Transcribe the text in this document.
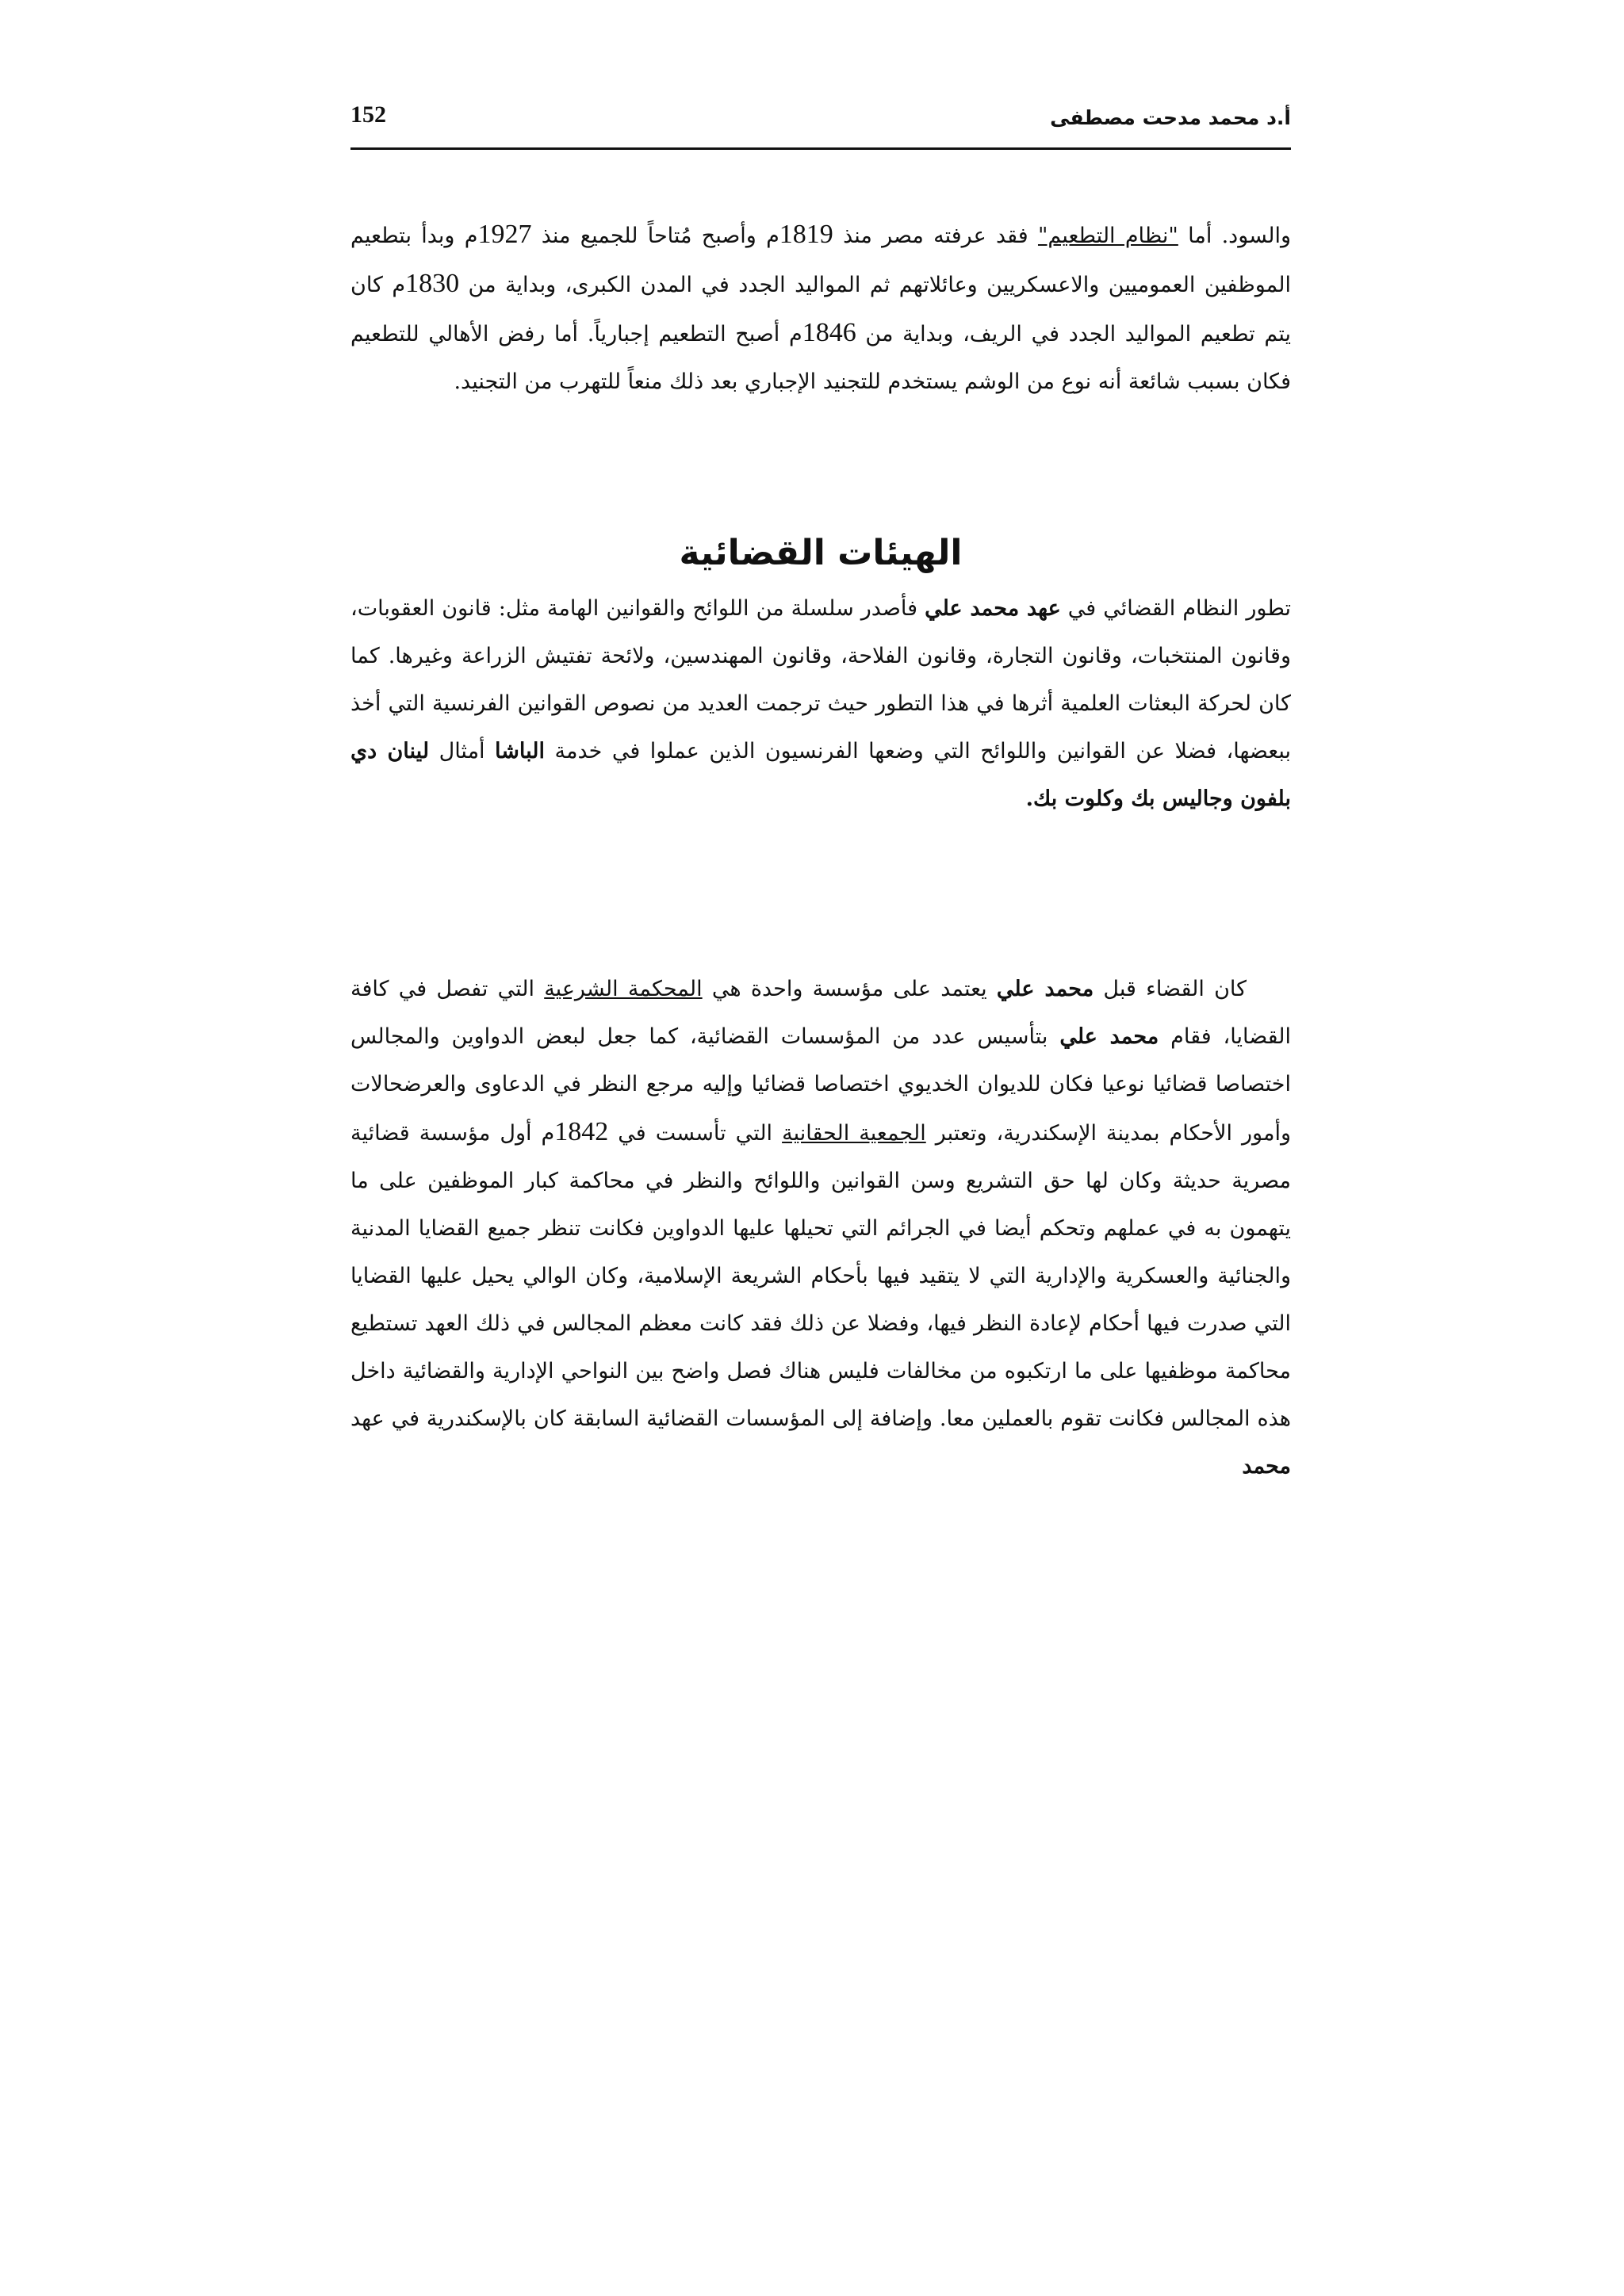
أ.د محمد مدحت مصطفى
152

والسود. أما "نظام التطعيم" فقد عرفته مصر منذ 1819م وأصبح مُتاحاً للجميع منذ 1927م وبدأ بتطعيم الموظفين العموميين والاعسكريين وعائلاتهم ثم المواليد الجدد في المدن الكبرى، وبداية من 1830م كان يتم تطعيم المواليد الجدد في الريف، وبداية من 1846م أصبح التطعيم إجبارياً. أما رفض الأهالي للتطعيم فكان بسبب شائعة أنه نوع من الوشم يستخدم للتجنيد الإجباري بعد ذلك منعاً للتهرب من التجنيد.

الهيئات القضائية

تطور النظام القضائي في عهد محمد علي فأصدر سلسلة من اللوائح والقوانين الهامة مثل: قانون العقوبات، وقانون المنتخبات، وقانون التجارة، وقانون الفلاحة، وقانون المهندسين، ولائحة تفتيش الزراعة وغيرها. كما كان لحركة البعثات العلمية أثرها في هذا التطور حيث ترجمت العديد من نصوص القوانين الفرنسية التي أخذ ببعضها، فضلا عن القوانين واللوائح التي وضعها الفرنسيون الذين عملوا في خدمة الباشا أمثال لينان دي بلفون وجاليس بك وكلوت بك.

كان القضاء قبل محمد علي يعتمد على مؤسسة واحدة هي المحكمة الشرعية التي تفصل في كافة القضايا، فقام محمد علي بتأسيس عدد من المؤسسات القضائية، كما جعل لبعض الدواوين والمجالس اختصاصا قضائيا نوعيا فكان للديوان الخديوي اختصاصا قضائيا وإليه مرجع النظر في الدعاوى والعرضحالات وأمور الأحكام بمدينة الإسكندرية، وتعتبر الجمعية الحقانية التي تأسست في 1842م أول مؤسسة قضائية مصرية حديثة وكان لها حق التشريع وسن القوانين واللوائح والنظر في محاكمة كبار الموظفين على ما يتهمون به في عملهم وتحكم أيضا في الجرائم التي تحيلها عليها الدواوين فكانت تنظر جميع القضايا المدنية والجنائية والعسكرية والإدارية التي لا يتقيد فيها بأحكام الشريعة الإسلامية، وكان الوالي يحيل عليها القضايا التي صدرت فيها أحكام لإعادة النظر فيها، وفضلا عن ذلك فقد كانت معظم المجالس في ذلك العهد تستطيع محاكمة موظفيها على ما ارتكبوه من مخالفات فليس هناك فصل واضح بين النواحي الإدارية والقضائية داخل هذه المجالس فكانت تقوم بالعملين معا. وإضافة إلى المؤسسات القضائية السابقة كان بالإسكندرية في عهد محمد
